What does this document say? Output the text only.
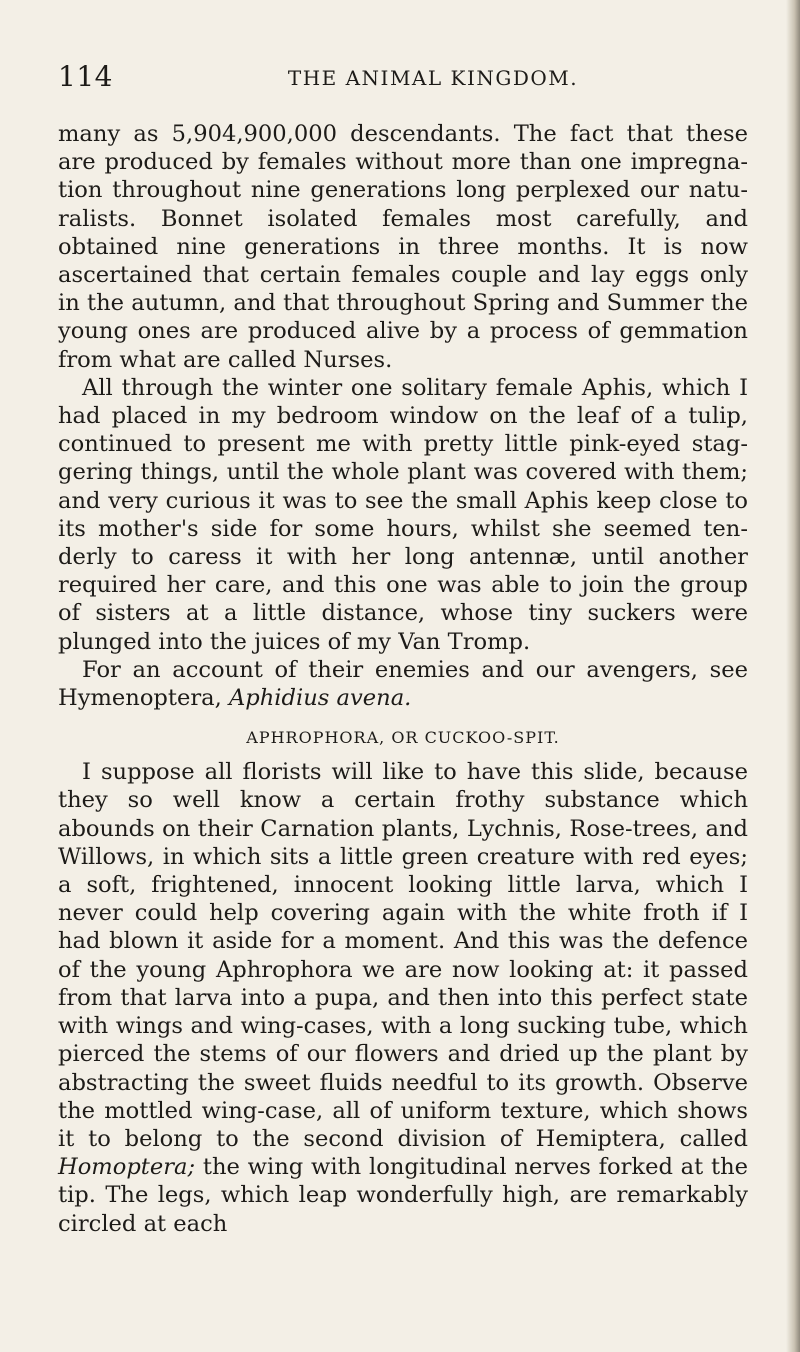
114	THE ANIMAL KINGDOM.

many as 5,904,900,000 descendants. The fact that these are produced by females without more than one impregnation throughout nine generations long perplexed our naturalists. Bonnet isolated females most carefully, and obtained nine generations in three months. It is now ascertained that certain females couple and lay eggs only in the autumn, and that throughout Spring and Summer the young ones are produced alive by a process of gemmation from what are called Nurses.

All through the winter one solitary female Aphis, which I had placed in my bedroom window on the leaf of a tulip, continued to present me with pretty little pink-eyed staggering things, until the whole plant was covered with them; and very curious it was to see the small Aphis keep close to its mother's side for some hours, whilst she seemed tenderly to caress it with her long antennæ, until another required her care, and this one was able to join the group of sisters at a little distance, whose tiny suckers were plunged into the juices of my Van Tromp.

For an account of their enemies and our avengers, see Hymenoptera, Aphidius avena.

APHROPHORA, OR CUCKOO-SPIT.

I suppose all florists will like to have this slide, because they so well know a certain frothy substance which abounds on their Carnation plants, Lychnis, Rose-trees, and Willows, in which sits a little green creature with red eyes; a soft, frightened, innocent looking little larva, which I never could help covering again with the white froth if I had blown it aside for a moment. And this was the defence of the young Aphrophora we are now looking at: it passed from that larva into a pupa, and then into this perfect state with wings and wing-cases, with a long sucking tube, which pierced the stems of our flowers and dried up the plant by abstracting the sweet fluids needful to its growth. Observe the mottled wing-case, all of uniform texture, which shows it to belong to the second division of Hemiptera, called Homoptera; the wing with longitudinal nerves forked at the tip. The legs, which leap wonderfully high, are remarkably circled at each
